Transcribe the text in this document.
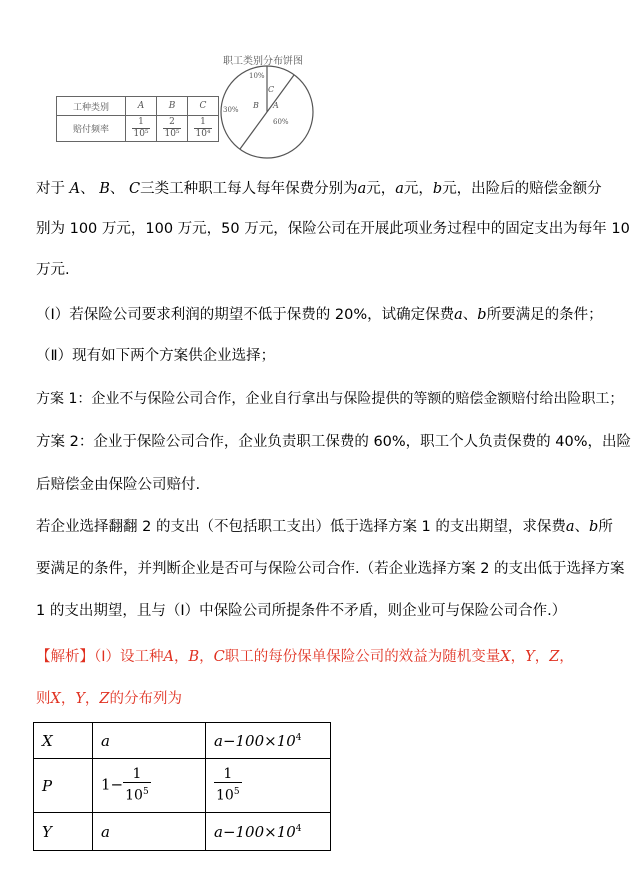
工种类别	A	B	C
赔付频率	$\frac{1}{\text{10⁵}}$	$\frac{2}{\text{10⁵}}$	$\frac{1}{\text{10⁴}}$
职工类别分布饼图
A
60%
B
30%
C
10%
对于 A、 B、 C三类工种职工每人每年保费分别为a元，a元，b元，出险后的赔偿金额分
别为 100 万元，100 万元，50 万元，保险公司在开展此项业务过程中的固定支出为每年 10
万元.
（Ⅰ）若保险公司要求利润的期望不低于保费的 20%，试确定保费a、b所要满足的条件；
（Ⅱ）现有如下两个方案供企业选择；
方案 1：企业不与保险公司合作，企业自行拿出与保险提供的等额的赔偿金额赔付给出险职工；
方案 2：企业于保险公司合作，企业负责职工保费的 60%，职工个人负责保费的 40%，出险
后赔偿金由保险公司赔付.
若企业选择翻翻 2 的支出（不包括职工支出）低于选择方案 1 的支出期望，求保费a、b所
要满足的条件，并判断企业是否可与保险公司合作.（若企业选择方案 2 的支出低于选择方案
1 的支出期望，且与（Ⅰ）中保险公司所提条件不矛盾，则企业可与保险公司合作.）
【解析】（Ⅰ）设工种A，B，C职工的每份保单保险公司的效益为随机变量X，Y，Z，
则X，Y，Z的分布列为
X	a	$a-100\times 10^4$
P	$1- \frac{1}{10^5}$	$\frac{1}{10^5}$

Y	a	$a-100\times 10^4$
